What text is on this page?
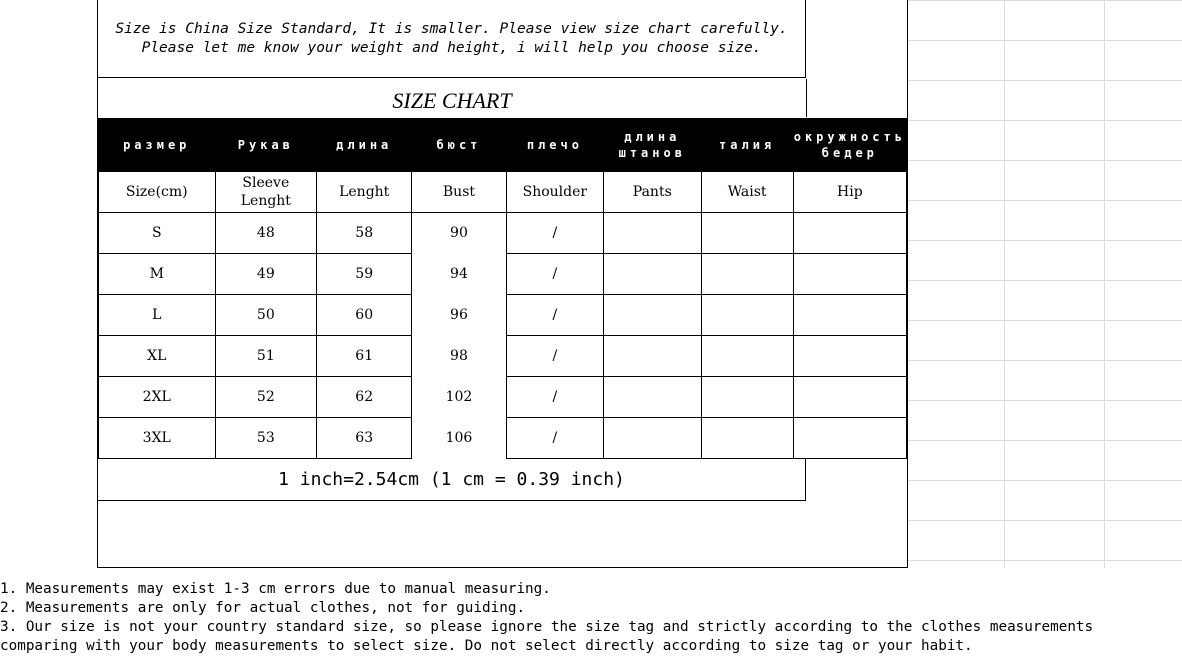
Size is China Size Standard, It is smaller. Please view size chart carefully.
Please let me know your weight and height, i will help you choose size.
SIZE CHART
размер	Рукав	длина	бюст	плечо	длина штанов	талия	окружность бедер
Size(cm)	Sleeve Lenght	Lenght	Bust	Shoulder	Pants	Waist	Hip
S	48	58	90	/			
M	49	59	94	/			
L	50	60	96	/			
XL	51	61	98	/			
2XL	52	62	102	/			
3XL	53	63	106	/			
1 inch=2.54cm (1 cm = 0.39 inch)
1. Measurements may exist 1-3 cm errors due to manual measuring.
2. Measurements are only for actual clothes, not for guiding.
3. Our size is not your country standard size, so please ignore the size tag and strictly according to the clothes measurements
comparing with your body measurements to select size. Do not select directly according to size tag or your habit.
